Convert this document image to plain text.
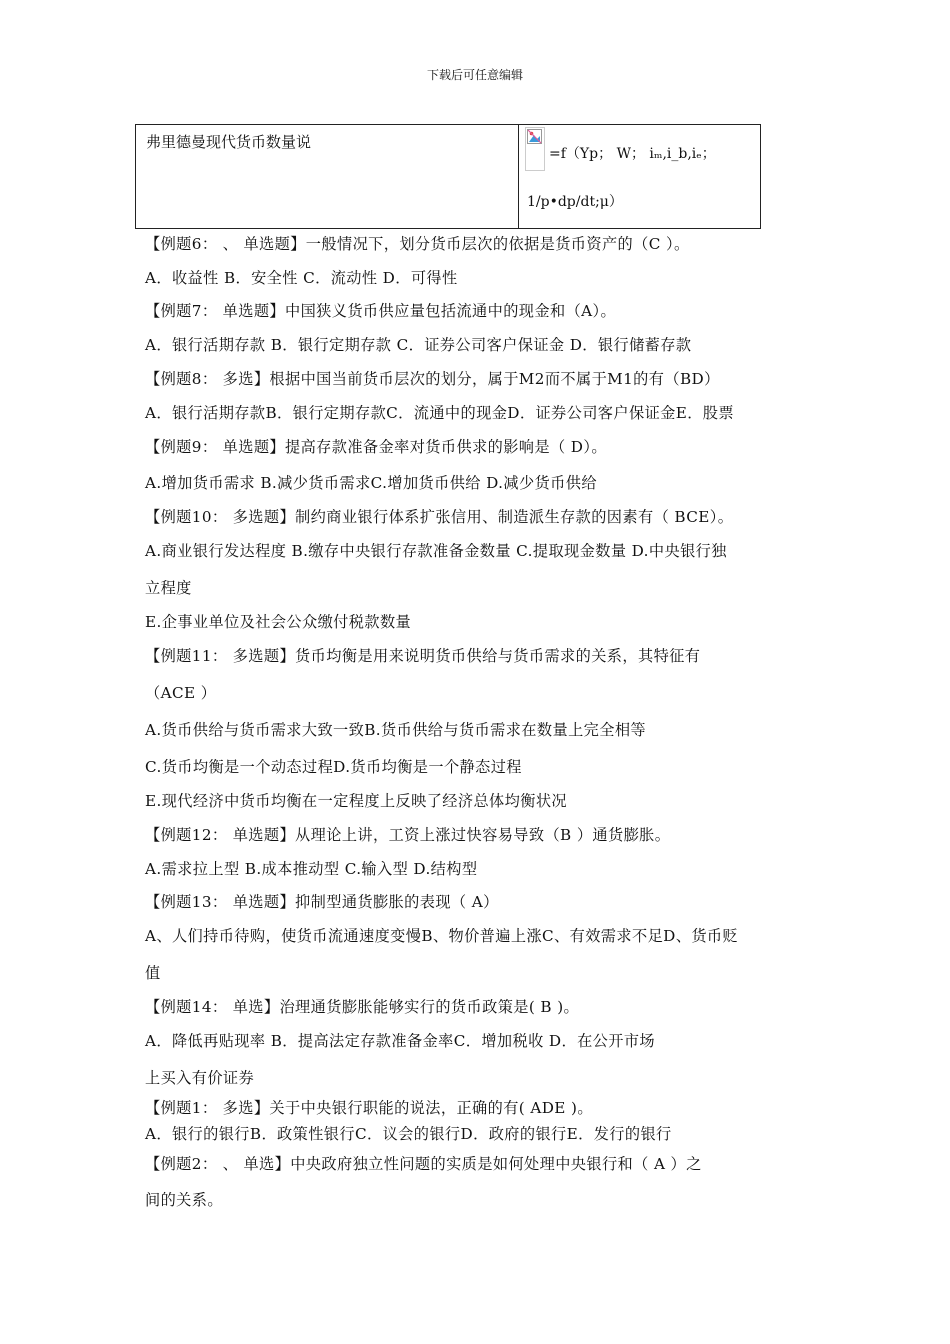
下载后可任意编辑
弗里德曼现代货币数量说
=f（Yp； W； iₘ,i_b,iₑ；
1/p•dp/dt;μ）
【例题6： 、 单选题】一般情况下，划分货币层次的依据是货币资产的（C ）。
A．收益性 B．安全性 C．流动性 D．可得性
【例题7： 单选题】中国狭义货币供应量包括流通中的现金和（A）。
A．银行活期存款 B．银行定期存款 C．证券公司客户保证金 D．银行储蓄存款
【例题8： 多选】根据中国当前货币层次的划分，属于M2而不属于M1的有（BD）
A．银行活期存款B．银行定期存款C．流通中的现金D．证券公司客户保证金E．股票
【例题9： 单选题】提高存款准备金率对货币供求的影响是（ D）。
A.增加货币需求 B.减少货币需求C.增加货币供给 D.减少货币供给
【例题10： 多选题】制约商业银行体系扩张信用、制造派生存款的因素有（ BCE）。
A.商业银行发达程度 B.缴存中央银行存款准备金数量 C.提取现金数量 D.中央银行独
立程度
E.企事业单位及社会公众缴付税款数量
【例题11： 多选题】货币均衡是用来说明货币供给与货币需求的关系，其特征有
（ACE ）
A.货币供给与货币需求大致一致B.货币供给与货币需求在数量上完全相等
C.货币均衡是一个动态过程D.货币均衡是一个静态过程
E.现代经济中货币均衡在一定程度上反映了经济总体均衡状况
【例题12： 单选题】从理论上讲，工资上涨过快容易导致（B ）通货膨胀。
A.需求拉上型 B.成本推动型 C.输入型 D.结构型
【例题13： 单选题】抑制型通货膨胀的表现（ A）
A、人们持币待购，使货币流通速度变慢B、物价普遍上涨C、有效需求不足D、货币贬
值
【例题14： 单选】治理通货膨胀能够实行的货币政策是( B )。
A．降低再贴现率 B．提高法定存款准备金率C．增加税收 D．在公开市场
上买入有价证券
【例题1： 多选】关于中央银行职能的说法，正确的有( ADE )。
A．银行的银行B．政策性银行C．议会的银行D．政府的银行E．发行的银行
【例题2： 、 单选】中央政府独立性问题的实质是如何处理中央银行和（ A ）之
间的关系。
